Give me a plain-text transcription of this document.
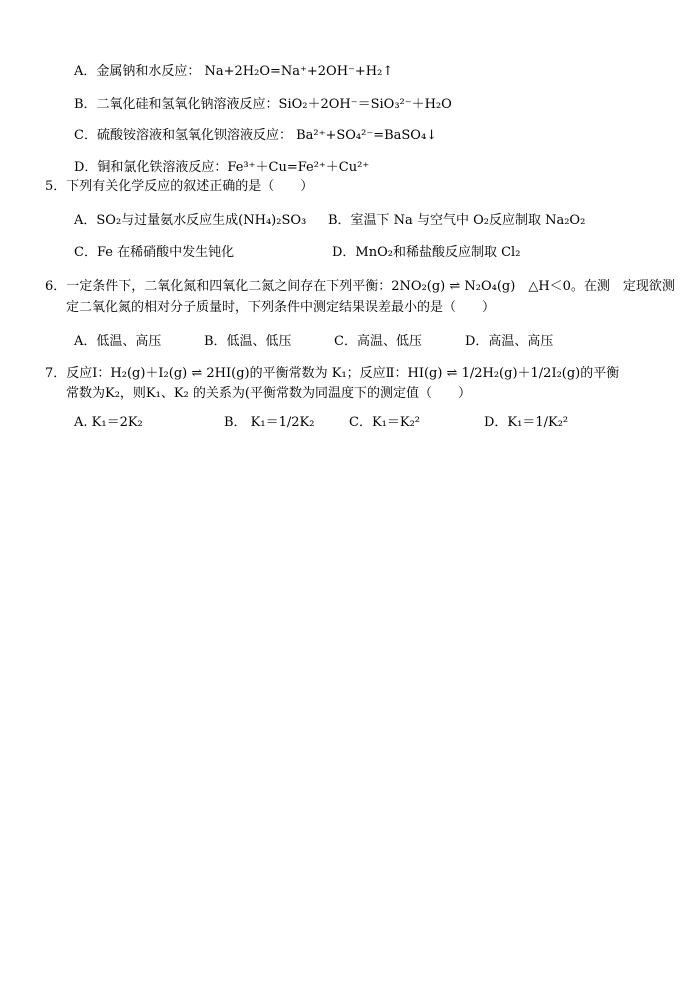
A．金属钠和水反应： Na+2H₂O=Na⁺+2OH⁻+H₂↑
B．二氧化硅和氢氧化钠溶液反应：SiO₂＋2OH⁻＝SiO₃²⁻＋H₂O
C．硫酸铵溶液和氢氧化钡溶液反应： Ba²⁺+SO₄²⁻=BaSO₄↓
D．铜和氯化铁溶液反应：Fe³⁺＋Cu=Fe²⁺＋Cu²⁺
5．下列有关化学反应的叙述正确的是（　　）
A．SO₂与过量氨水反应生成(NH₄)₂SO₃ B．室温下 Na 与空气中 O₂反应制取 Na₂O₂
C．Fe 在稀硝酸中发生钝化	D．MnO₂和稀盐酸反应制取 Cl₂
6．一定条件下，二氧化氮和四氧化二氮之间存在下列平衡：2NO₂(g) ⇌ N₂O₄(g)　△H＜0。在测　定现欲测
定二氧化氮的相对分子质量时，下列条件中测定结果误差最小的是（　　）
A．低温、高压	B．低温、低压	C．高温、低压	D．高温、高压
7．反应Ⅰ：H₂(g)＋I₂(g) ⇌ 2HI(g)的平衡常数为 K₁；反应Ⅱ：HI(g) ⇌ 1/2H₂(g)＋1/2I₂(g)的平衡
常数为K₂，则K₁、K₂ 的关系为(平衡常数为同温度下的测定值（　　）
A. K₁＝2K₂	B． K₁＝1/2K₂	C．K₁＝K₂²	D．K₁＝1/K₂²
